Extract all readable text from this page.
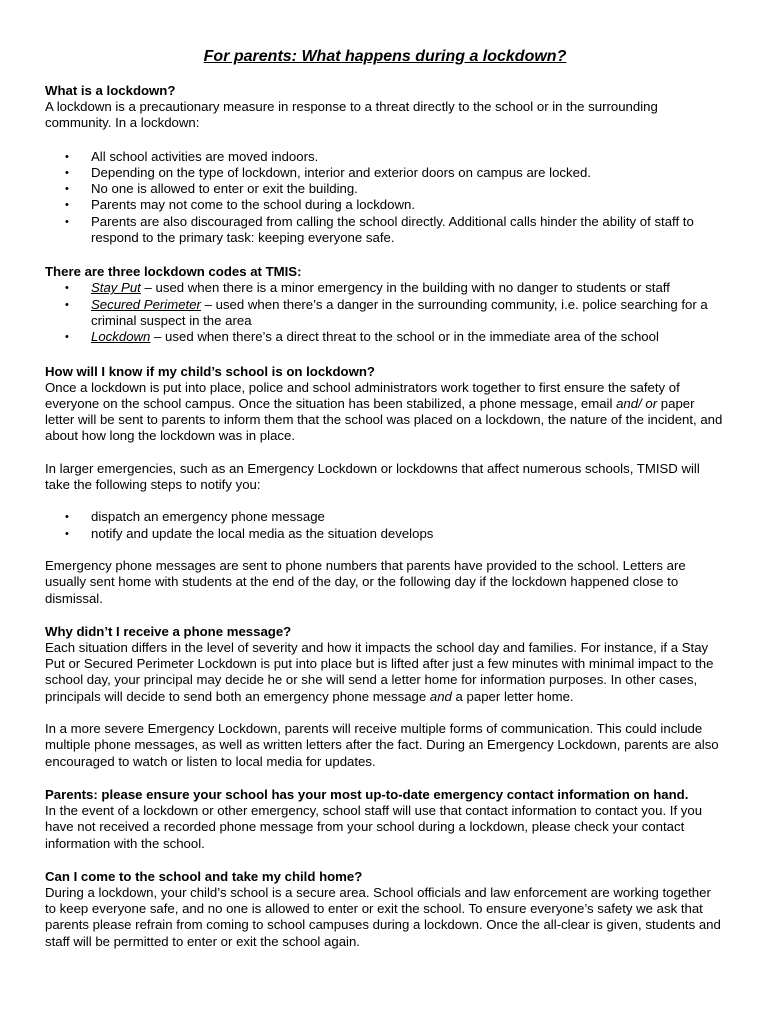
For parents: What happens during a lockdown?
What is a lockdown?
A lockdown is a precautionary measure in response to a threat directly to the school or in the surrounding community. In a lockdown:
• All school activities are moved indoors.
• Depending on the type of lockdown, interior and exterior doors on campus are locked.
• No one is allowed to enter or exit the building.
• Parents may not come to the school during a lockdown.
• Parents are also discouraged from calling the school directly. Additional calls hinder the ability of staff to respond to the primary task: keeping everyone safe.
There are three lockdown codes at TMIS:
• Stay Put – used when there is a minor emergency in the building with no danger to students or staff
• Secured Perimeter – used when there’s a danger in the surrounding community, i.e. police searching for a criminal suspect in the area
• Lockdown – used when there’s a direct threat to the school or in the immediate area of the school
How will I know if my child’s school is on lockdown?
Once a lockdown is put into place, police and school administrators work together to first ensure the safety of everyone on the school campus. Once the situation has been stabilized, a phone message, email and/ or paper letter will be sent to parents to inform them that the school was placed on a lockdown, the nature of the incident, and about how long the lockdown was in place.
In larger emergencies, such as an Emergency Lockdown or lockdowns that affect numerous schools, TMISD will take the following steps to notify you:
• dispatch an emergency phone message
• notify and update the local media as the situation develops
Emergency phone messages are sent to phone numbers that parents have provided to the school. Letters are usually sent home with students at the end of the day, or the following day if the lockdown happened close to dismissal.
Why didn’t I receive a phone message?
Each situation differs in the level of severity and how it impacts the school day and families. For instance, if a Stay Put or Secured Perimeter Lockdown is put into place but is lifted after just a few minutes with minimal impact to the school day, your principal may decide he or she will send a letter home for information purposes. In other cases, principals will decide to send both an emergency phone message and a paper letter home.
In a more severe Emergency Lockdown, parents will receive multiple forms of communication. This could include multiple phone messages, as well as written letters after the fact. During an Emergency Lockdown, parents are also encouraged to watch or listen to local media for updates.
Parents: please ensure your school has your most up-to-date emergency contact information on hand.
In the event of a lockdown or other emergency, school staff will use that contact information to contact you. If you have not received a recorded phone message from your school during a lockdown, please check your contact information with the school.
Can I come to the school and take my child home?
During a lockdown, your child’s school is a secure area. School officials and law enforcement are working together to keep everyone safe, and no one is allowed to enter or exit the school. To ensure everyone’s safety we ask that parents please refrain from coming to school campuses during a lockdown. Once the all-clear is given, students and staff will be permitted to enter or exit the school again.
